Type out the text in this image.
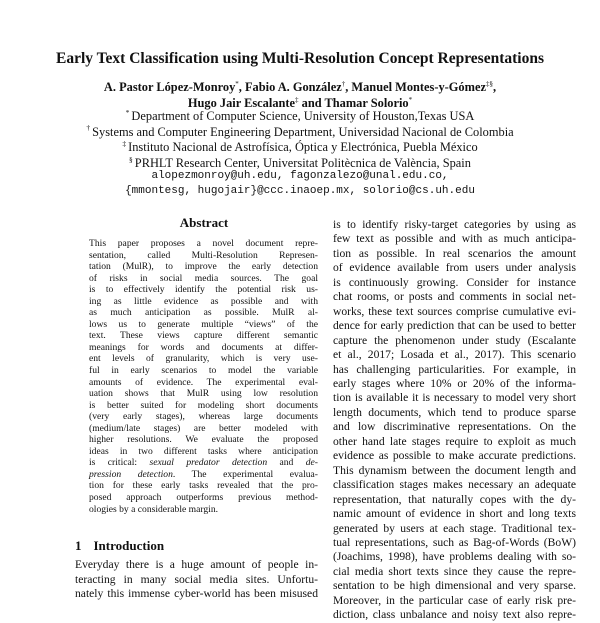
Early Text Classification using Multi-Resolution Concept Representations
A. Pastor López-Monroy*, Fabio A. González†, Manuel Montes-y-Gómez‡§,
Hugo Jair Escalante‡ and Thamar Solorio*
* Department of Computer Science, University of Houston,Texas USA
† Systems and Computer Engineering Department, Universidad Nacional de Colombia
‡ Instituto Nacional de Astrofísica, Óptica y Electrónica, Puebla México
§ PRHLT Research Center, Universitat Politècnica de València, Spain
alopezmonroy@uh.edu, fagonzalezo@unal.edu.co,
{mmontesg, hugojair}@ccc.inaoep.mx, solorio@cs.uh.edu
Abstract
This paper proposes a novel document repre-
sentation, called Multi-Resolution Represen-
tation (MulR), to improve the early detection
of risks in social media sources. The goal
is to effectively identify the potential risk us-
ing as little evidence as possible and with
as much anticipation as possible. MulR al-
lows us to generate multiple “views” of the
text. These views capture different semantic
meanings for words and documents at differ-
ent levels of granularity, which is very use-
ful in early scenarios to model the variable
amounts of evidence. The experimental eval-
uation shows that MulR using low resolution
is better suited for modeling short documents
(very early stages), whereas large documents
(medium/late stages) are better modeled with
higher resolutions. We evaluate the proposed
ideas in two different tasks where anticipation
is critical: sexual predator detection and de-
pression detection. The experimental evalua-
tion for these early tasks revealed that the pro-
posed approach outperforms previous method-
ologies by a considerable margin.
1 Introduction
Everyday there is a huge amount of people in-
teracting in many social media sites. Unfortu-
nately this immense cyber-world has been misused
is to identify risky-target categories by using as
few text as possible and with as much anticipa-
tion as possible. In real scenarios the amount
of evidence available from users under analysis
is continuously growing. Consider for instance
chat rooms, or posts and comments in social net-
works, these text sources comprise cumulative evi-
dence for early prediction that can be used to better
capture the phenomenon under study (Escalante
et al., 2017; Losada et al., 2017). This scenario
has challenging particularities. For example, in
early stages where 10% or 20% of the informa-
tion is available it is necessary to model very short
length documents, which tend to produce sparse
and low discriminative representations. On the
other hand late stages require to exploit as much
evidence as possible to make accurate predictions.
This dynamism between the document length and
classification stages makes necessary an adequate
representation, that naturally copes with the dy-
namic amount of evidence in short and long texts
generated by users at each stage. Traditional tex-
tual representations, such as Bag-of-Words (BoW)
(Joachims, 1998), have problems dealing with so-
cial media short texts since they cause the repre-
sentation to be high dimensional and very sparse.
Moreover, in the particular case of early risk pre-
diction, class unbalance and noisy text also repre-
